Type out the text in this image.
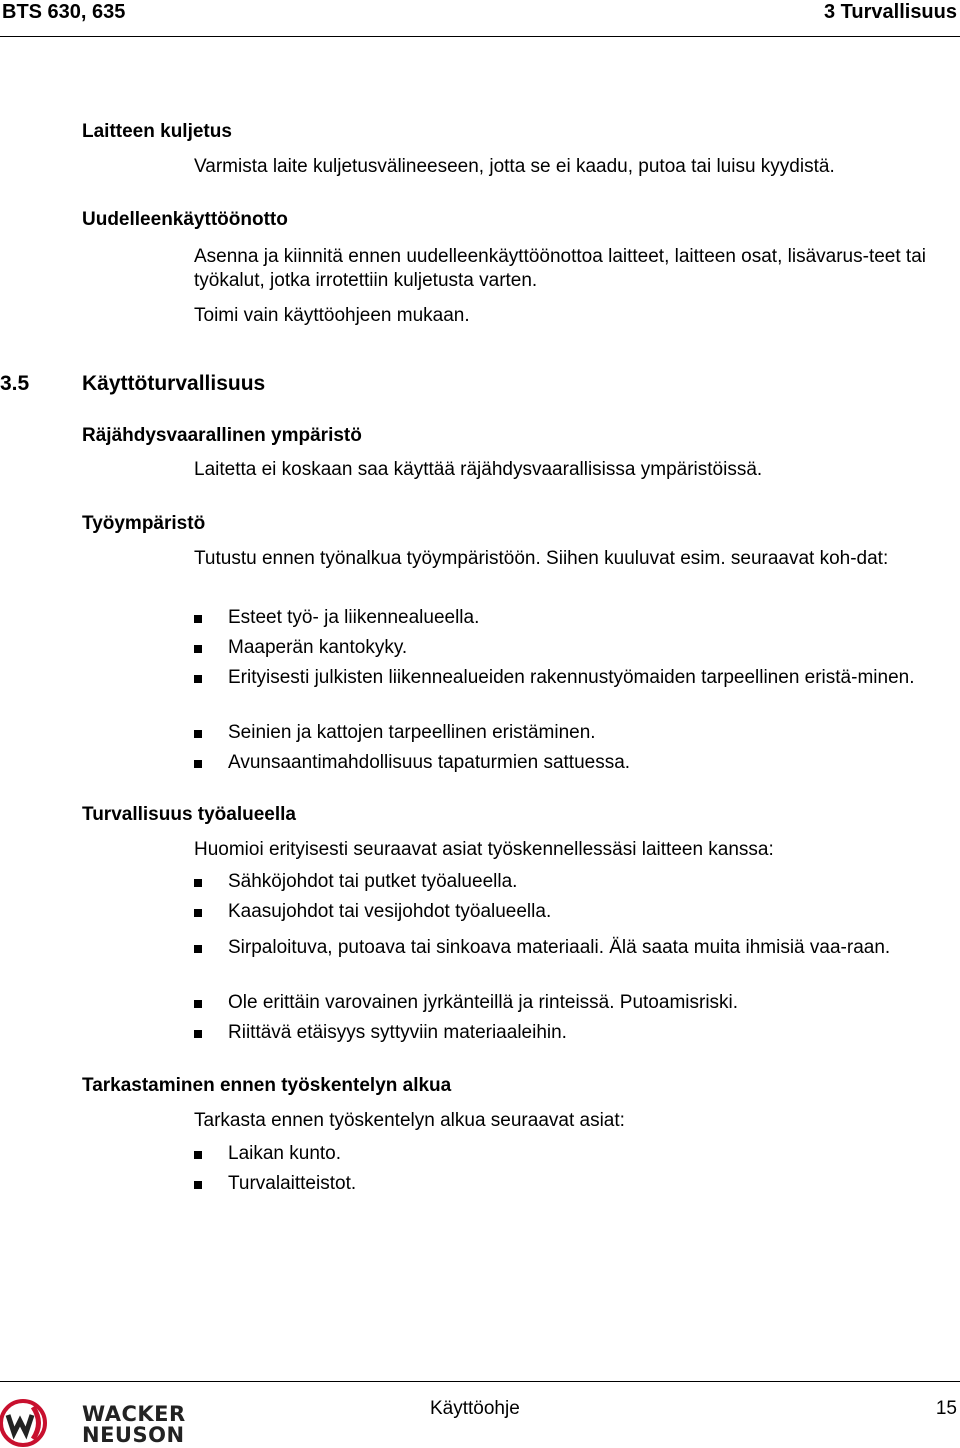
BTS 630, 635	3 Turvallisuus
Laitteen kuljetus
Varmista laite kuljetusvälineeseen, jotta se ei kaadu, putoa tai luisu kyydistä.
Uudelleenkäyttöönotto
Asenna ja kiinnitä ennen uudelleenkäyttöönottoa laitteet, laitteen osat, lisävarus-teet tai työkalut, jotka irrotettiin kuljetusta varten.
Toimi vain käyttöohjeen mukaan.
3.5	Käyttöturvallisuus
Räjähdysvaarallinen ympäristö
Laitetta ei koskaan saa käyttää räjähdysvaarallisissa ympäristöissä.
Työympäristö
Tutustu ennen työnalkua työympäristöön. Siihen kuuluvat esim. seuraavat koh-dat:
Esteet työ- ja liikennealueella.
Maaperän kantokyky.
Erityisesti julkisten liikennealueiden rakennustyömaiden tarpeellinen eristä-minen.
Seinien ja kattojen tarpeellinen eristäminen.
Avunsaantimahdollisuus tapaturmien sattuessa.
Turvallisuus työalueella
Huomioi erityisesti seuraavat asiat työskennellessäsi laitteen kanssa:
Sähköjohdot tai putket työalueella.
Kaasujohdot tai vesijohdot työalueella.
Sirpaloituva, putoava tai sinkoava materiaali. Älä saata muita ihmisiä vaa-raan.
Ole erittäin varovainen jyrkänteillä ja rinteissä. Putoamisriski.
Riittävä etäisyys syttyviin materiaaleihin.
Tarkastaminen ennen työskentelyn alkua
Tarkasta ennen työskentelyn alkua seuraavat asiat:
Laikan kunto.
Turvalaitteistot.
WACKER
NEUSON
Käyttöohje	15
